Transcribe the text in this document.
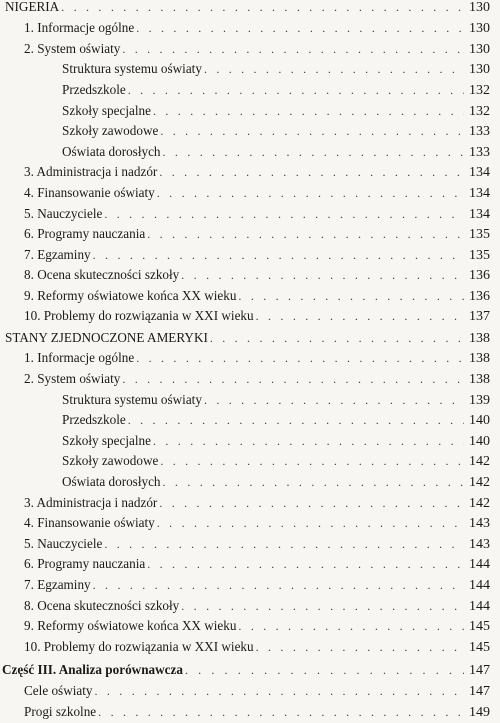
NIGERIA . . .	130
1. Informacje ogólne . . .	130
2. System oświaty . . .	130
Struktura systemu oświaty . . .	130
Przedszkole . . .	132
Szkoły specjalne . . .	132
Szkoły zawodowe . . .	133
Oświata dorosłych . . .	133
3. Administracja i nadzór . . .	134
4. Finansowanie oświaty . . .	134
5. Nauczyciele . . .	134
6. Programy nauczania . . .	135
7. Egzaminy . . .	135
8. Ocena skuteczności szkoły . . .	136
9. Reformy oświatowe końca XX wieku . . .	136
10. Problemy do rozwiązania w XXI wieku . . .	137
STANY ZJEDNOCZONE AMERYKI . . .	138
1. Informacje ogólne . . .	138
2. System oświaty . . .	138
Struktura systemu oświaty . . .	139
Przedszkole . . .	140
Szkoły specjalne . . .	140
Szkoły zawodowe . . .	142
Oświata dorosłych . . .	142
3. Administracja i nadzór . . .	142
4. Finansowanie oświaty . . .	143
5. Nauczyciele . . .	143
6. Programy nauczania . . .	144
7. Egzaminy . . .	144
8. Ocena skuteczności szkoły . . .	144
9. Reformy oświatowe końca XX wieku . . .	145
10. Problemy do rozwiązania w XXI wieku . . .	145
Część III. Analiza porównawcza . . .	147
Cele oświaty . . .	147
Progi szkolne . . .	149
